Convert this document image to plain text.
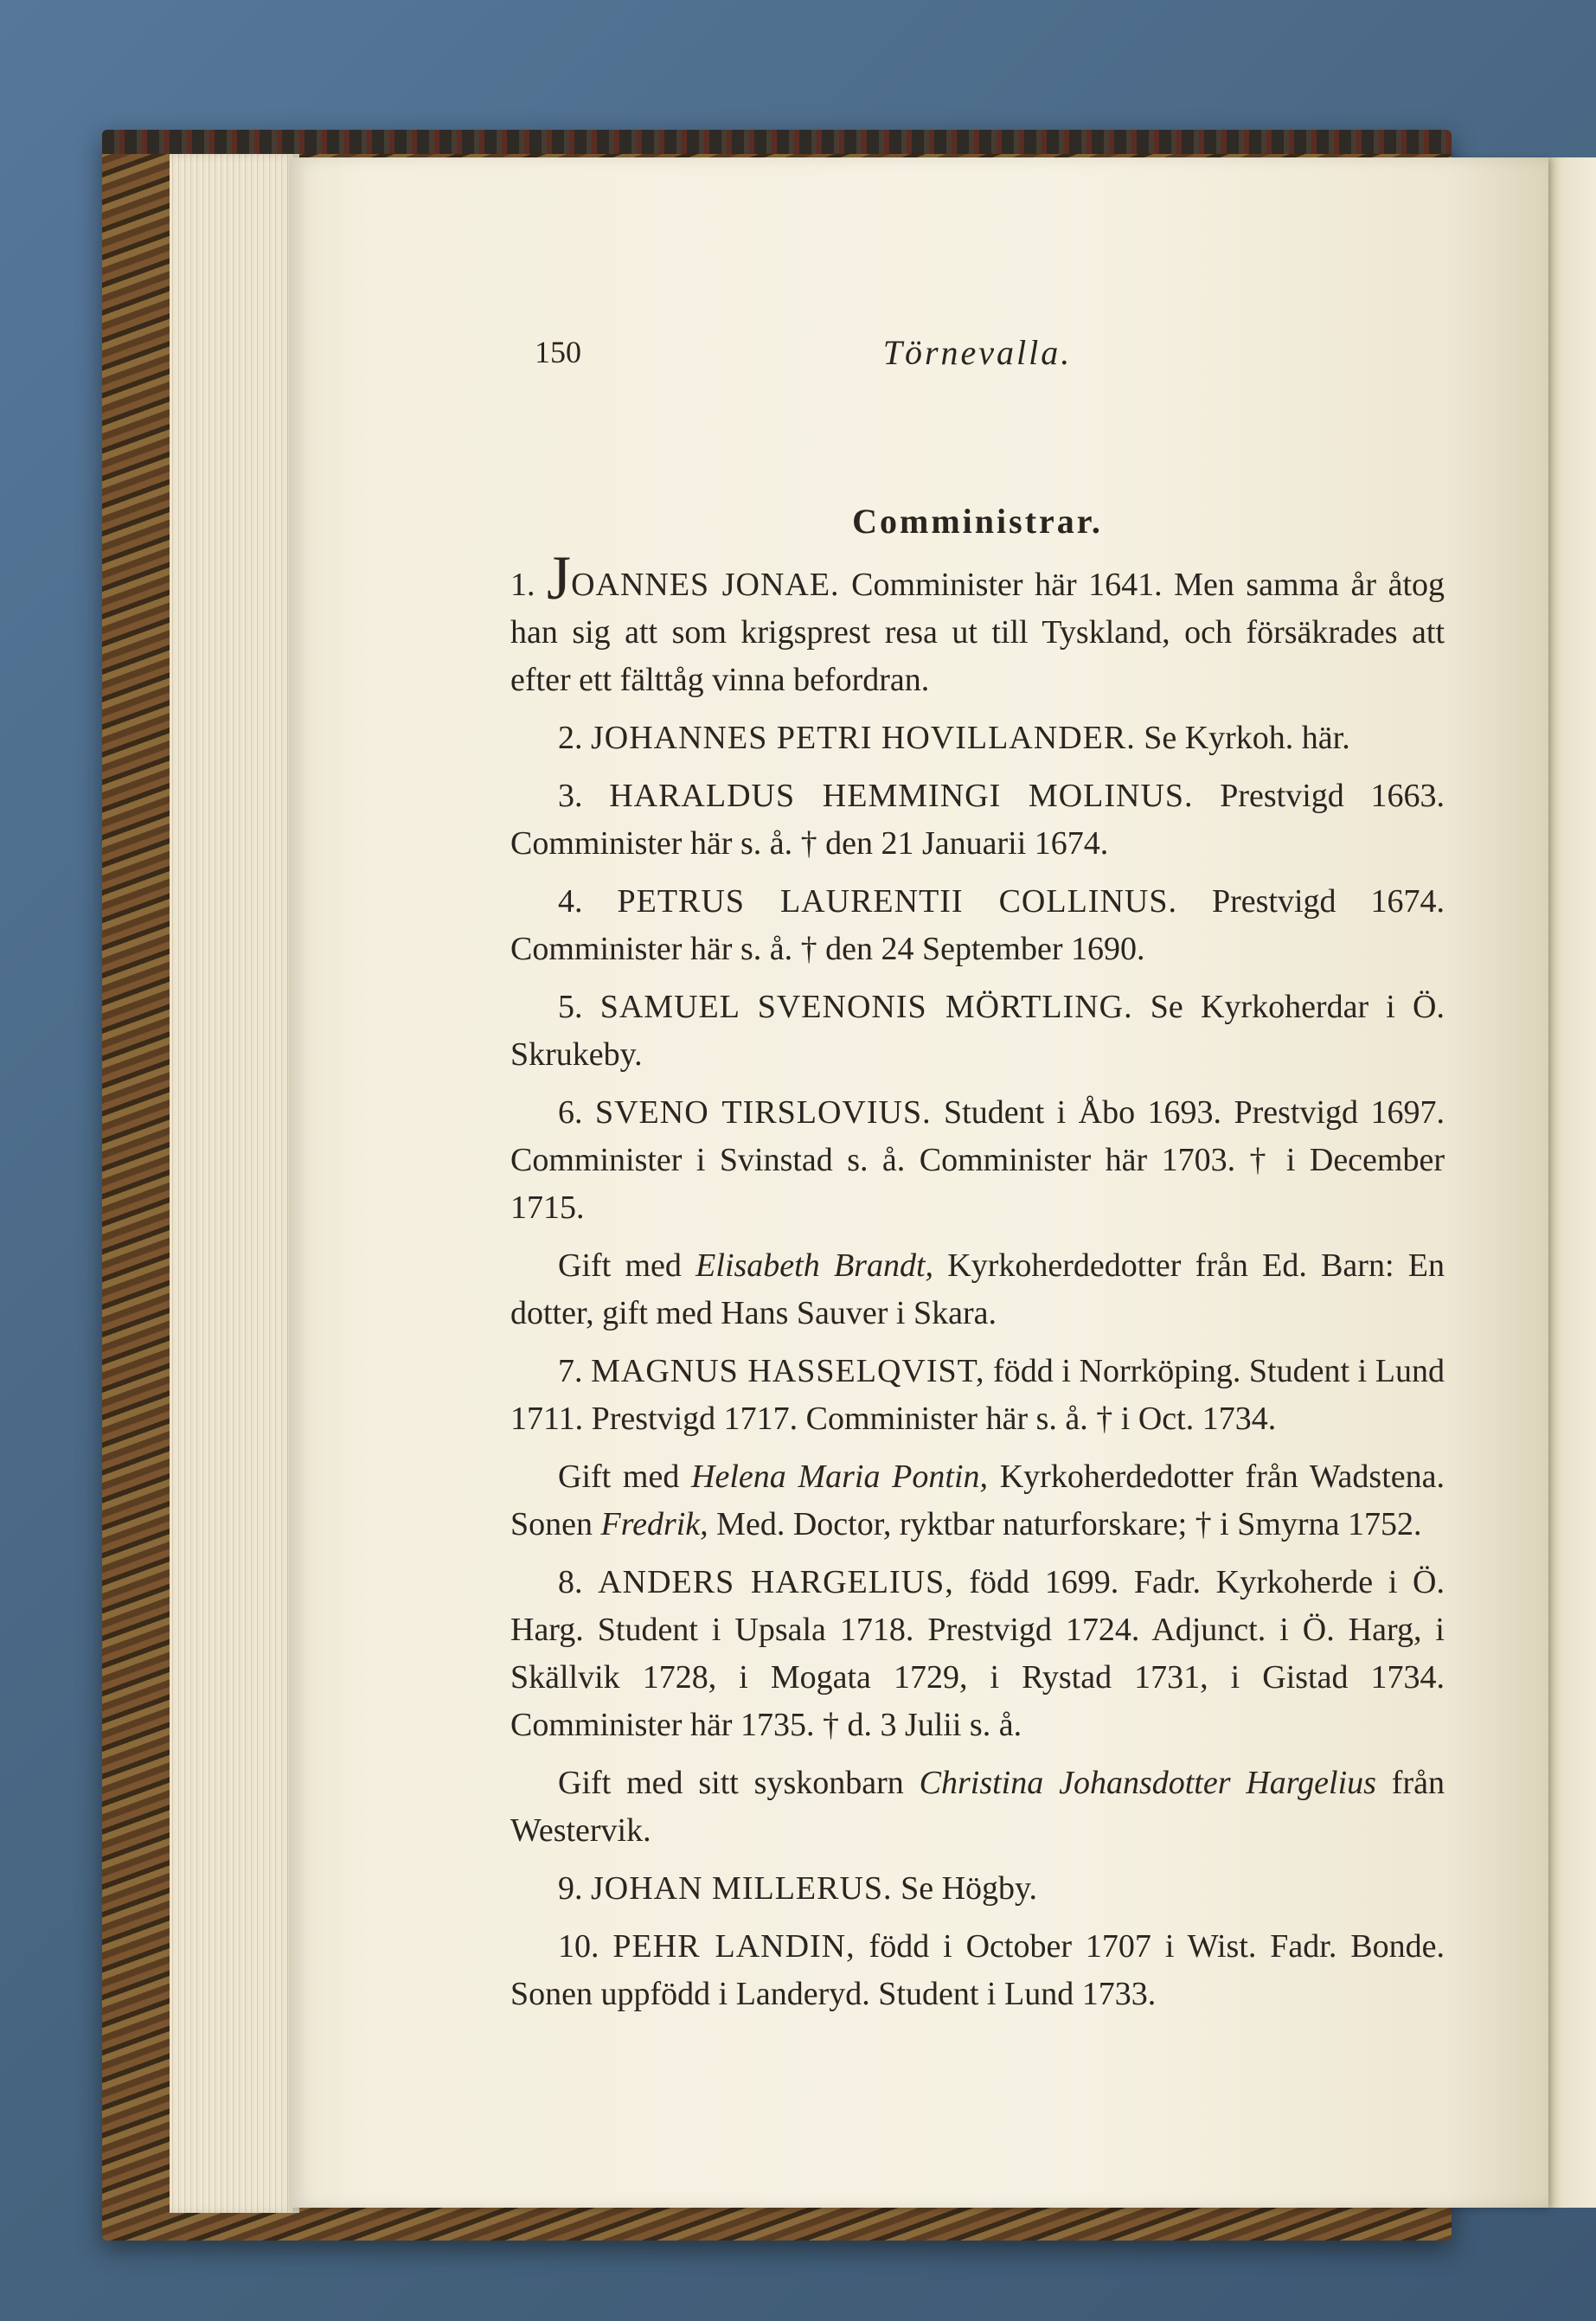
150	Törnevalla.
Comministrar.

1. JOANNES JONAE. Comminister här 1641. Men samma år åtog han sig att som krigsprest resa ut till Tyskland, och försäkrades att efter ett fälttåg vinna befordran.

2. JOHANNES PETRI HOVILLANDER. Se Kyrkoh. här.

3. HARALDUS HEMMINGI MOLINUS. Prestvigd 1663. Comminister här s. å. † den 21 Januarii 1674.

4. PETRUS LAURENTII COLLINUS. Prestvigd 1674. Comminister här s. å. † den 24 September 1690.

5. SAMUEL SVENONIS MÖRTLING. Se Kyrkoherdar i Ö. Skrukeby.

6. SVENO TIRSLOVIUS. Student i Åbo 1693. Prestvigd 1697. Comminister i Svinstad s. å. Comminister här 1703. † i December 1715.

Gift med Elisabeth Brandt, Kyrkoherdedotter från Ed. Barn: En dotter, gift med Hans Sauver i Skara.

7. MAGNUS HASSELQVIST, född i Norrköping. Student i Lund 1711. Prestvigd 1717. Comminister här s. å. † i Oct. 1734.

Gift med Helena Maria Pontin, Kyrkoherdedotter från Wadstena. Sonen Fredrik, Med. Doctor, ryktbar naturforskare; † i Smyrna 1752.

8. ANDERS HARGELIUS, född 1699. Fadr. Kyrkoherde i Ö. Harg. Student i Upsala 1718. Prestvigd 1724. Adjunct. i Ö. Harg, i Skällvik 1728, i Mogata 1729, i Rystad 1731, i Gistad 1734. Comminister här 1735. † d. 3 Julii s. å.

Gift med sitt syskonbarn Christina Johansdotter Hargelius från Westervik.

9. JOHAN MILLERUS. Se Högby.

10. PEHR LANDIN, född i October 1707 i Wist. Fadr. Bonde. Sonen uppfödd i Landeryd. Student i Lund 1733.
